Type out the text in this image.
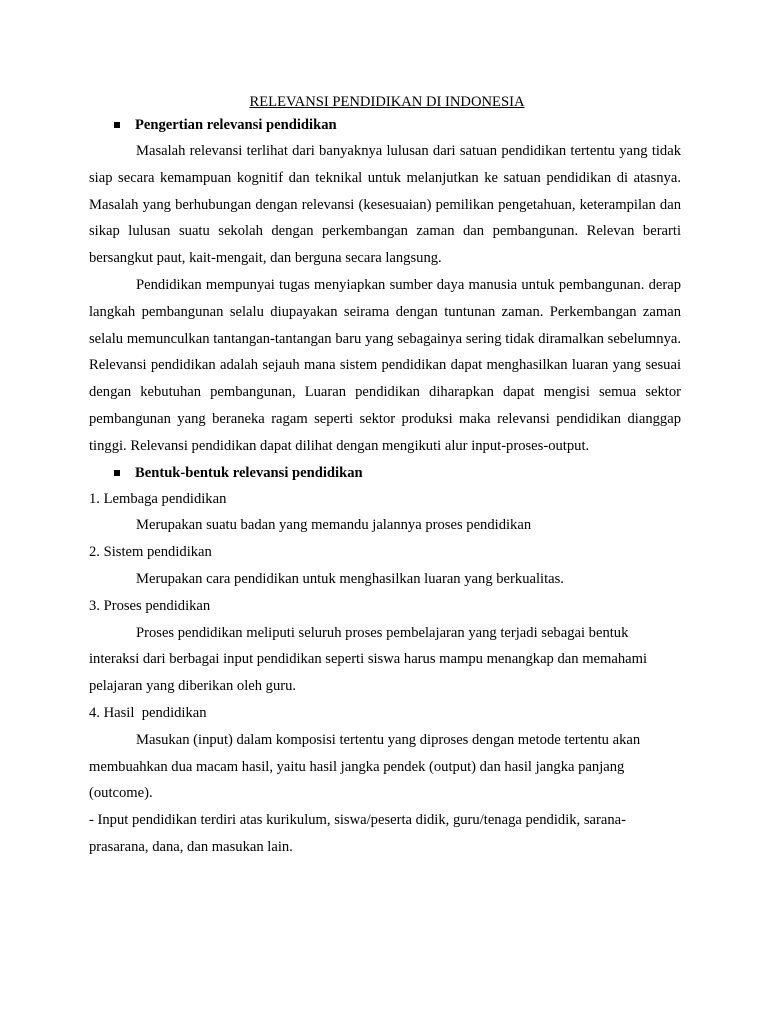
RELEVANSI PENDIDIKAN DI INDONESIA
Pengertian relevansi pendidikan

Masalah relevansi terlihat dari banyaknya lulusan dari satuan pendidikan tertentu yang tidak siap secara kemampuan kognitif dan teknikal untuk melanjutkan ke satuan pendidikan di atasnya. Masalah yang berhubungan dengan relevansi (kesesuaian) pemilikan pengetahuan, keterampilan dan sikap lulusan suatu sekolah dengan perkembangan zaman dan pembangunan. Relevan berarti bersangkut paut, kait-mengait, dan berguna secara langsung.

Pendidikan mempunyai tugas menyiapkan sumber daya manusia untuk pembangunan. derap langkah pembangunan selalu diupayakan seirama dengan tuntunan zaman. Perkembangan zaman selalu memunculkan tantangan-tantangan baru yang sebagainya sering tidak diramalkan sebelumnya. Relevansi pendidikan adalah sejauh mana sistem pendidikan dapat menghasilkan luaran yang sesuai dengan kebutuhan pembangunan, Luaran pendidikan diharapkan dapat mengisi semua sektor pembangunan yang beraneka ragam seperti sektor produksi maka relevansi pendidikan dianggap tinggi. Relevansi pendidikan dapat dilihat dengan mengikuti alur input-proses-output.

Bentuk-bentuk relevansi pendidikan

1. Lembaga pendidikan

Merupakan suatu badan yang memandu jalannya proses pendidikan

2. Sistem pendidikan

Merupakan cara pendidikan untuk menghasilkan luaran yang berkualitas.

3. Proses pendidikan

Proses pendidikan meliputi seluruh proses pembelajaran yang terjadi sebagai bentuk interaksi dari berbagai input pendidikan seperti siswa harus mampu menangkap dan memahami pelajaran yang diberikan oleh guru.

4. Hasil  pendidikan

Masukan (input) dalam komposisi tertentu yang diproses dengan metode tertentu akan membuahkan dua macam hasil, yaitu hasil jangka pendek (output) dan hasil jangka panjang (outcome).

- Input pendidikan terdiri atas kurikulum, siswa/peserta didik, guru/tenaga pendidik, sarana-prasarana, dana, dan masukan lain.
